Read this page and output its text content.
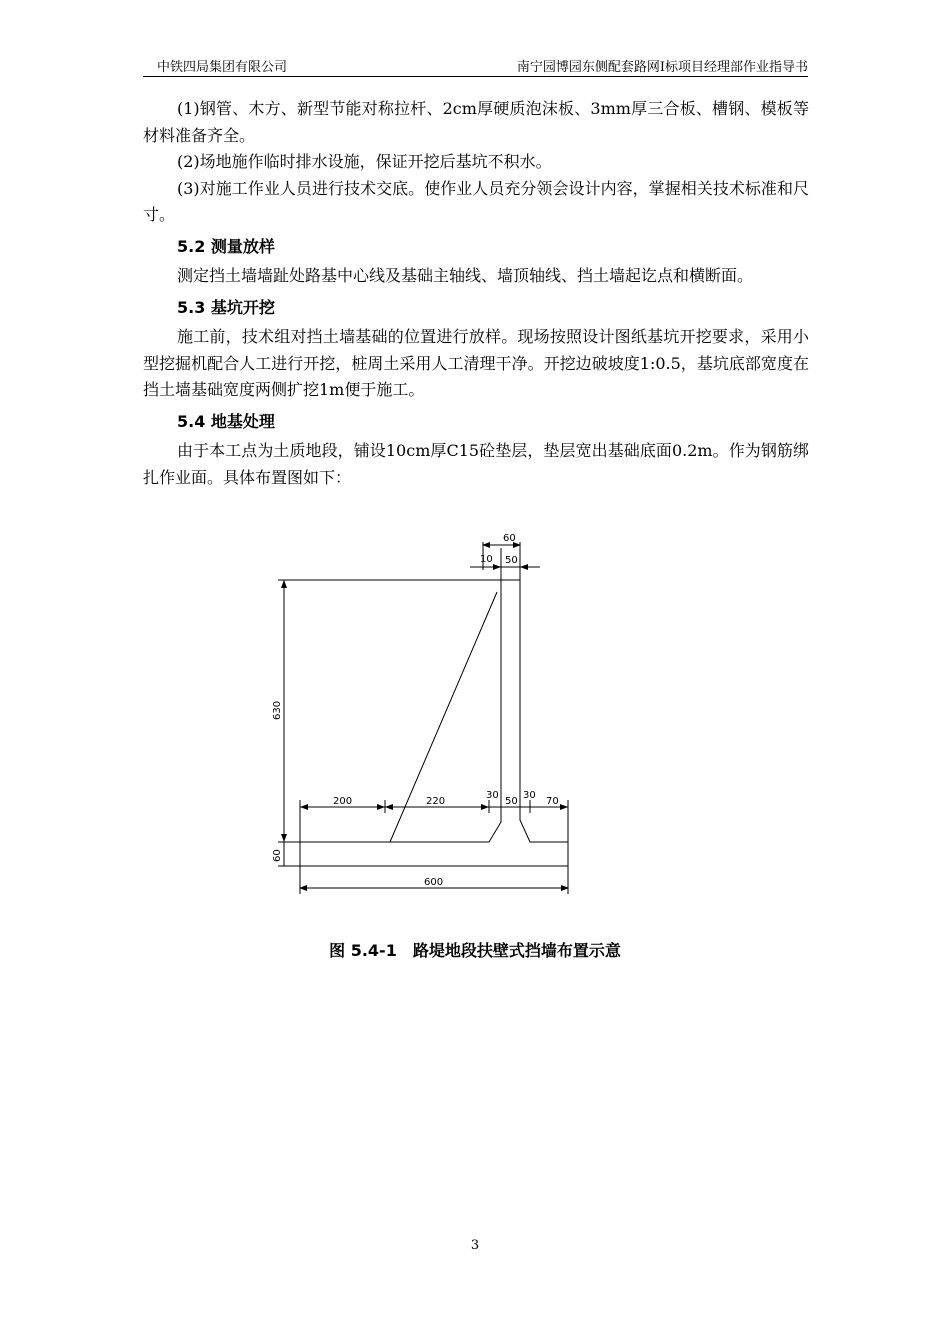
中铁四局集团有限公司	南宁园博园东侧配套路网Ⅰ标项目经理部作业指导书

(1)钢管、木方、新型节能对称拉杆、2cm厚硬质泡沫板、3mm厚三合板、槽钢、模板等材料准备齐全。

(2)场地施作临时排水设施，保证开挖后基坑不积水。

(3)对施工作业人员进行技术交底。使作业人员充分领会设计内容，掌握相关技术标准和尺寸。

5.2 测量放样

测定挡土墙墙趾处路基中心线及基础主轴线、墙顶轴线、挡土墙起讫点和横断面。

5.3 基坑开挖

施工前，技术组对挡土墙基础的位置进行放样。现场按照设计图纸基坑开挖要求，采用小型挖掘机配合人工进行开挖，桩周土采用人工清理干净。开挖边破坡度1:0.5，基坑底部宽度在挡土墙基础宽度两侧扩挖1m便于施工。

5.4 地基处理

由于本工点为土质地段，铺设10cm厚C15砼垫层，垫层宽出基础底面0.2m。作为钢筋绑扎作业面。具体布置图如下：

60
10 50
630
60
200	220
30
50
30
70
600
图 5.4-1 路堤地段扶壁式挡墙布置示意
3
